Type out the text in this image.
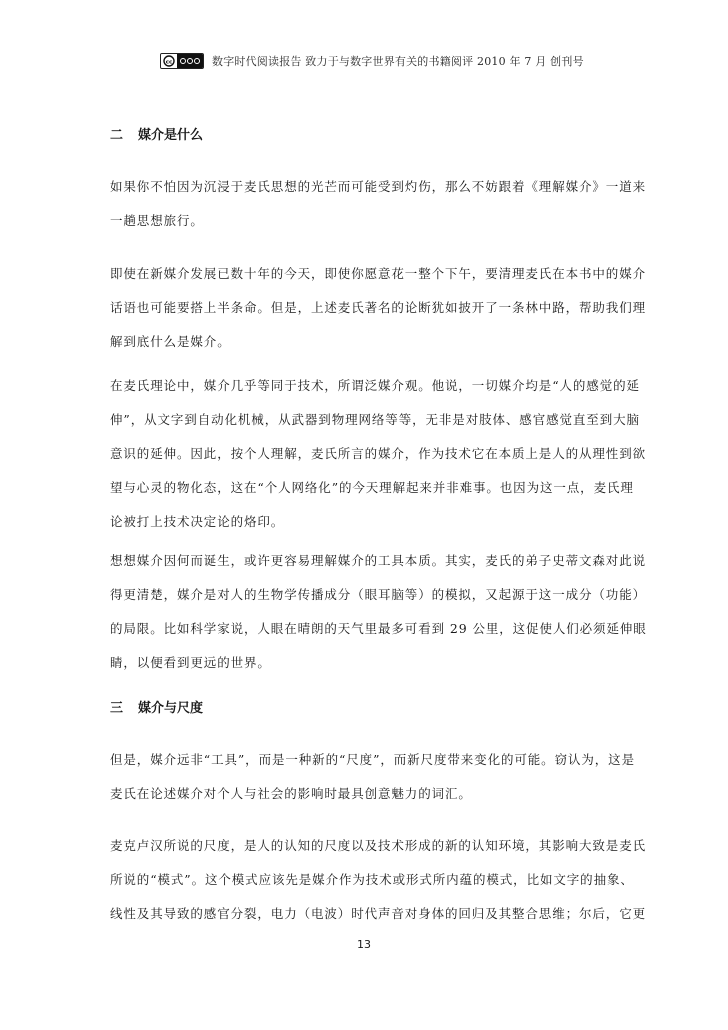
cc	数字时代阅读报告 致力于与数字世界有关的书籍阅评 2010 年 7 月 创刊号
二 媒介是什么

如果你不怕因为沉浸于麦氏思想的光芒而可能受到灼伤，那么不妨跟着《理解媒介》一道来
一趟思想旅行。

即使在新媒介发展已数十年的今天，即使你愿意花一整个下午，要清理麦氏在本书中的媒介
话语也可能要搭上半条命。但是，上述麦氏著名的论断犹如披开了一条林中路，帮助我们理
解到底什么是媒介。

在麦氏理论中，媒介几乎等同于技术，所谓泛媒介观。他说，一切媒介均是“人的感觉的延
伸”，从文字到自动化机械，从武器到物理网络等等，无非是对肢体、感官感觉直至到大脑
意识的延伸。因此，按个人理解，麦氏所言的媒介，作为技术它在本质上是人的从理性到欲
望与心灵的物化态，这在“个人网络化”的今天理解起来并非难事。也因为这一点，麦氏理
论被打上技术决定论的烙印。

想想媒介因何而诞生，或许更容易理解媒介的工具本质。其实，麦氏的弟子史蒂文森对此说
得更清楚，媒介是对人的生物学传播成分（眼耳脑等）的模拟，又起源于这一成分（功能）
的局限。比如科学家说，人眼在晴朗的天气里最多可看到 29 公里，这促使人们必须延伸眼
睛，以便看到更远的世界。

三 媒介与尺度

但是，媒介远非“工具”，而是一种新的“尺度”，而新尺度带来变化的可能。窃认为，这是
麦氏在论述媒介对个人与社会的影响时最具创意魅力的词汇。

麦克卢汉所说的尺度，是人的认知的尺度以及技术形成的新的认知环境，其影响大致是麦氏
所说的“模式”。这个模式应该先是媒介作为技术或形式所内蕴的模式，比如文字的抽象、
线性及其导致的感官分裂，电力（电波）时代声音对身体的回归及其整合思维；尔后，它更

13
